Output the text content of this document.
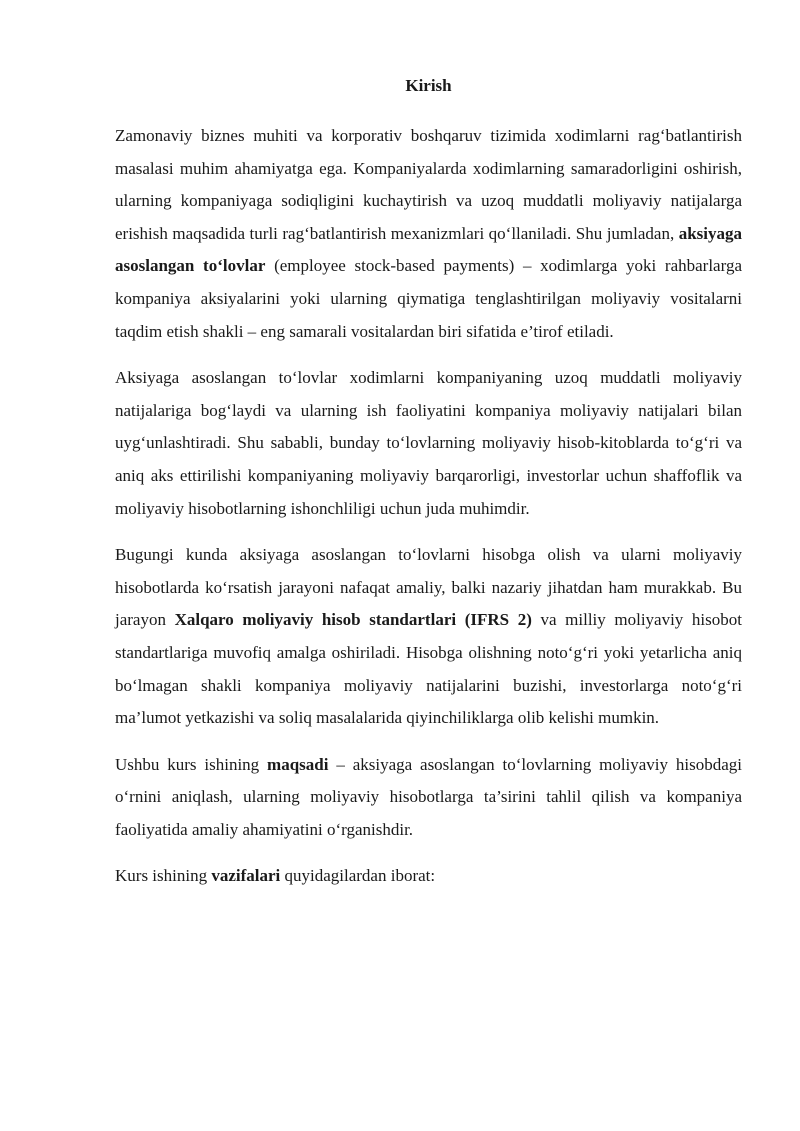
Kirish

Zamonaviy biznes muhiti va korporativ boshqaruv tizimida xodimlarni rag‘batlantirish masalasi muhim ahamiyatga ega. Kompaniyalarda xodimlarning samaradorligini oshirish, ularning kompaniyaga sodiqligini kuchaytirish va uzoq muddatli moliyaviy natijalarga erishish maqsadida turli rag‘batlantirish mexanizmlari qo‘llaniladi. Shu jumladan, aksiyaga asoslangan to‘lovlar (employee stock-based payments) – xodimlarga yoki rahbarlarga kompaniya aksiyalarini yoki ularning qiymatiga tenglashtirilgan moliyaviy vositalarni taqdim etish shakli – eng samarali vositalardan biri sifatida e’tirof etiladi.

Aksiyaga asoslangan to‘lovlar xodimlarni kompaniyaning uzoq muddatli moliyaviy natijalariga bog‘laydi va ularning ish faoliyatini kompaniya moliyaviy natijalari bilan uyg‘unlashtiradi. Shu sababli, bunday to‘lovlarning moliyaviy hisob-kitoblarda to‘g‘ri va aniq aks ettirilishi kompaniyaning moliyaviy barqarorligi, investorlar uchun shaffoflik va moliyaviy hisobotlarning ishonchliligi uchun juda muhimdir.

Bugungi kunda aksiyaga asoslangan to‘lovlarni hisobga olish va ularni moliyaviy hisobotlarda ko‘rsatish jarayoni nafaqat amaliy, balki nazariy jihatdan ham murakkab. Bu jarayon Xalqaro moliyaviy hisob standartlari (IFRS 2) va milliy moliyaviy hisobot standartlariga muvofiq amalga oshiriladi. Hisobga olishning noto‘g‘ri yoki yetarlicha aniq bo‘lmagan shakli kompaniya moliyaviy natijalarini buzishi, investorlarga noto‘g‘ri ma’lumot yetkazishi va soliq masalalarida qiyinchiliklarga olib kelishi mumkin.

Ushbu kurs ishining maqsadi – aksiyaga asoslangan to‘lovlarning moliyaviy hisobdagi o‘rnini aniqlash, ularning moliyaviy hisobotlarga ta’sirini tahlil qilish va kompaniya faoliyatida amaliy ahamiyatini o‘rganishdir.

Kurs ishining vazifalari quyidagilardan iborat:
